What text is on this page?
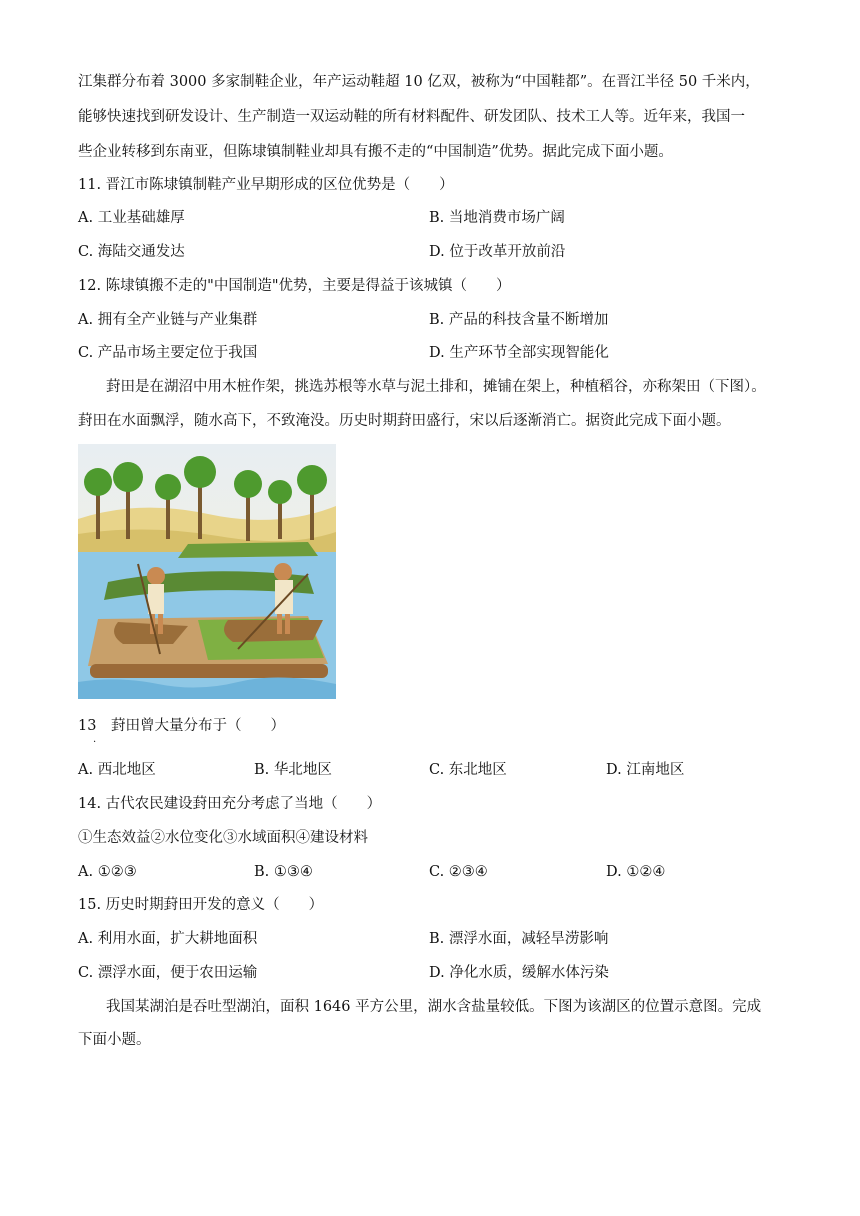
江集群分布着 3000 多家制鞋企业，年产运动鞋超 10 亿双，被称为“中国鞋都”。在晋江半径 50 千米内，
能够快速找到研发设计、生产制造一双运动鞋的所有材料配件、研发团队、技术工人等。近年来，我国一
些企业转移到东南亚，但陈埭镇制鞋业却具有搬不走的“中国制造”优势。据此完成下面小题。
11. 晋江市陈埭镇制鞋产业早期形成的区位优势是（　　）
A. 工业基础雄厚	B. 当地消费市场广阔
C. 海陆交通发达	D. 位于改革开放前沿
12. 陈埭镇搬不走的"中国制造"优势，主要是得益于该城镇（　　）
A. 拥有全产业链与产业集群	B. 产品的科技含量不断增加
C. 产品市场主要定位于我国	D. 生产环节全部实现智能化
葑田是在湖沼中用木桩作架，挑选苏根等水草与泥土排和，摊铺在架上，种植稻谷，亦称架田（下图）。
葑田在水面飘浮，随水高下，不致淹没。历史时期葑田盛行，宋以后逐渐消亡。据资此完成下面小题。
13　葑田曾大量分布于（　　）
.
A. 西北地区	B. 华北地区	C. 东北地区	D. 江南地区
14. 古代农民建设葑田充分考虑了当地（　　）
①生态效益②水位变化③水域面积④建设材料
A. ①②③	B. ①③④	C. ②③④	D. ①②④
15. 历史时期葑田开发的意义（　　）
A. 利用水面，扩大耕地面积	B. 漂浮水面，减轻旱涝影响
C. 漂浮水面，便于农田运输	D. 净化水质，缓解水体污染
我国某湖泊是吞吐型湖泊，面积 1646 平方公里，湖水含盐量较低。下图为该湖区的位置示意图。完成
下面小题。
